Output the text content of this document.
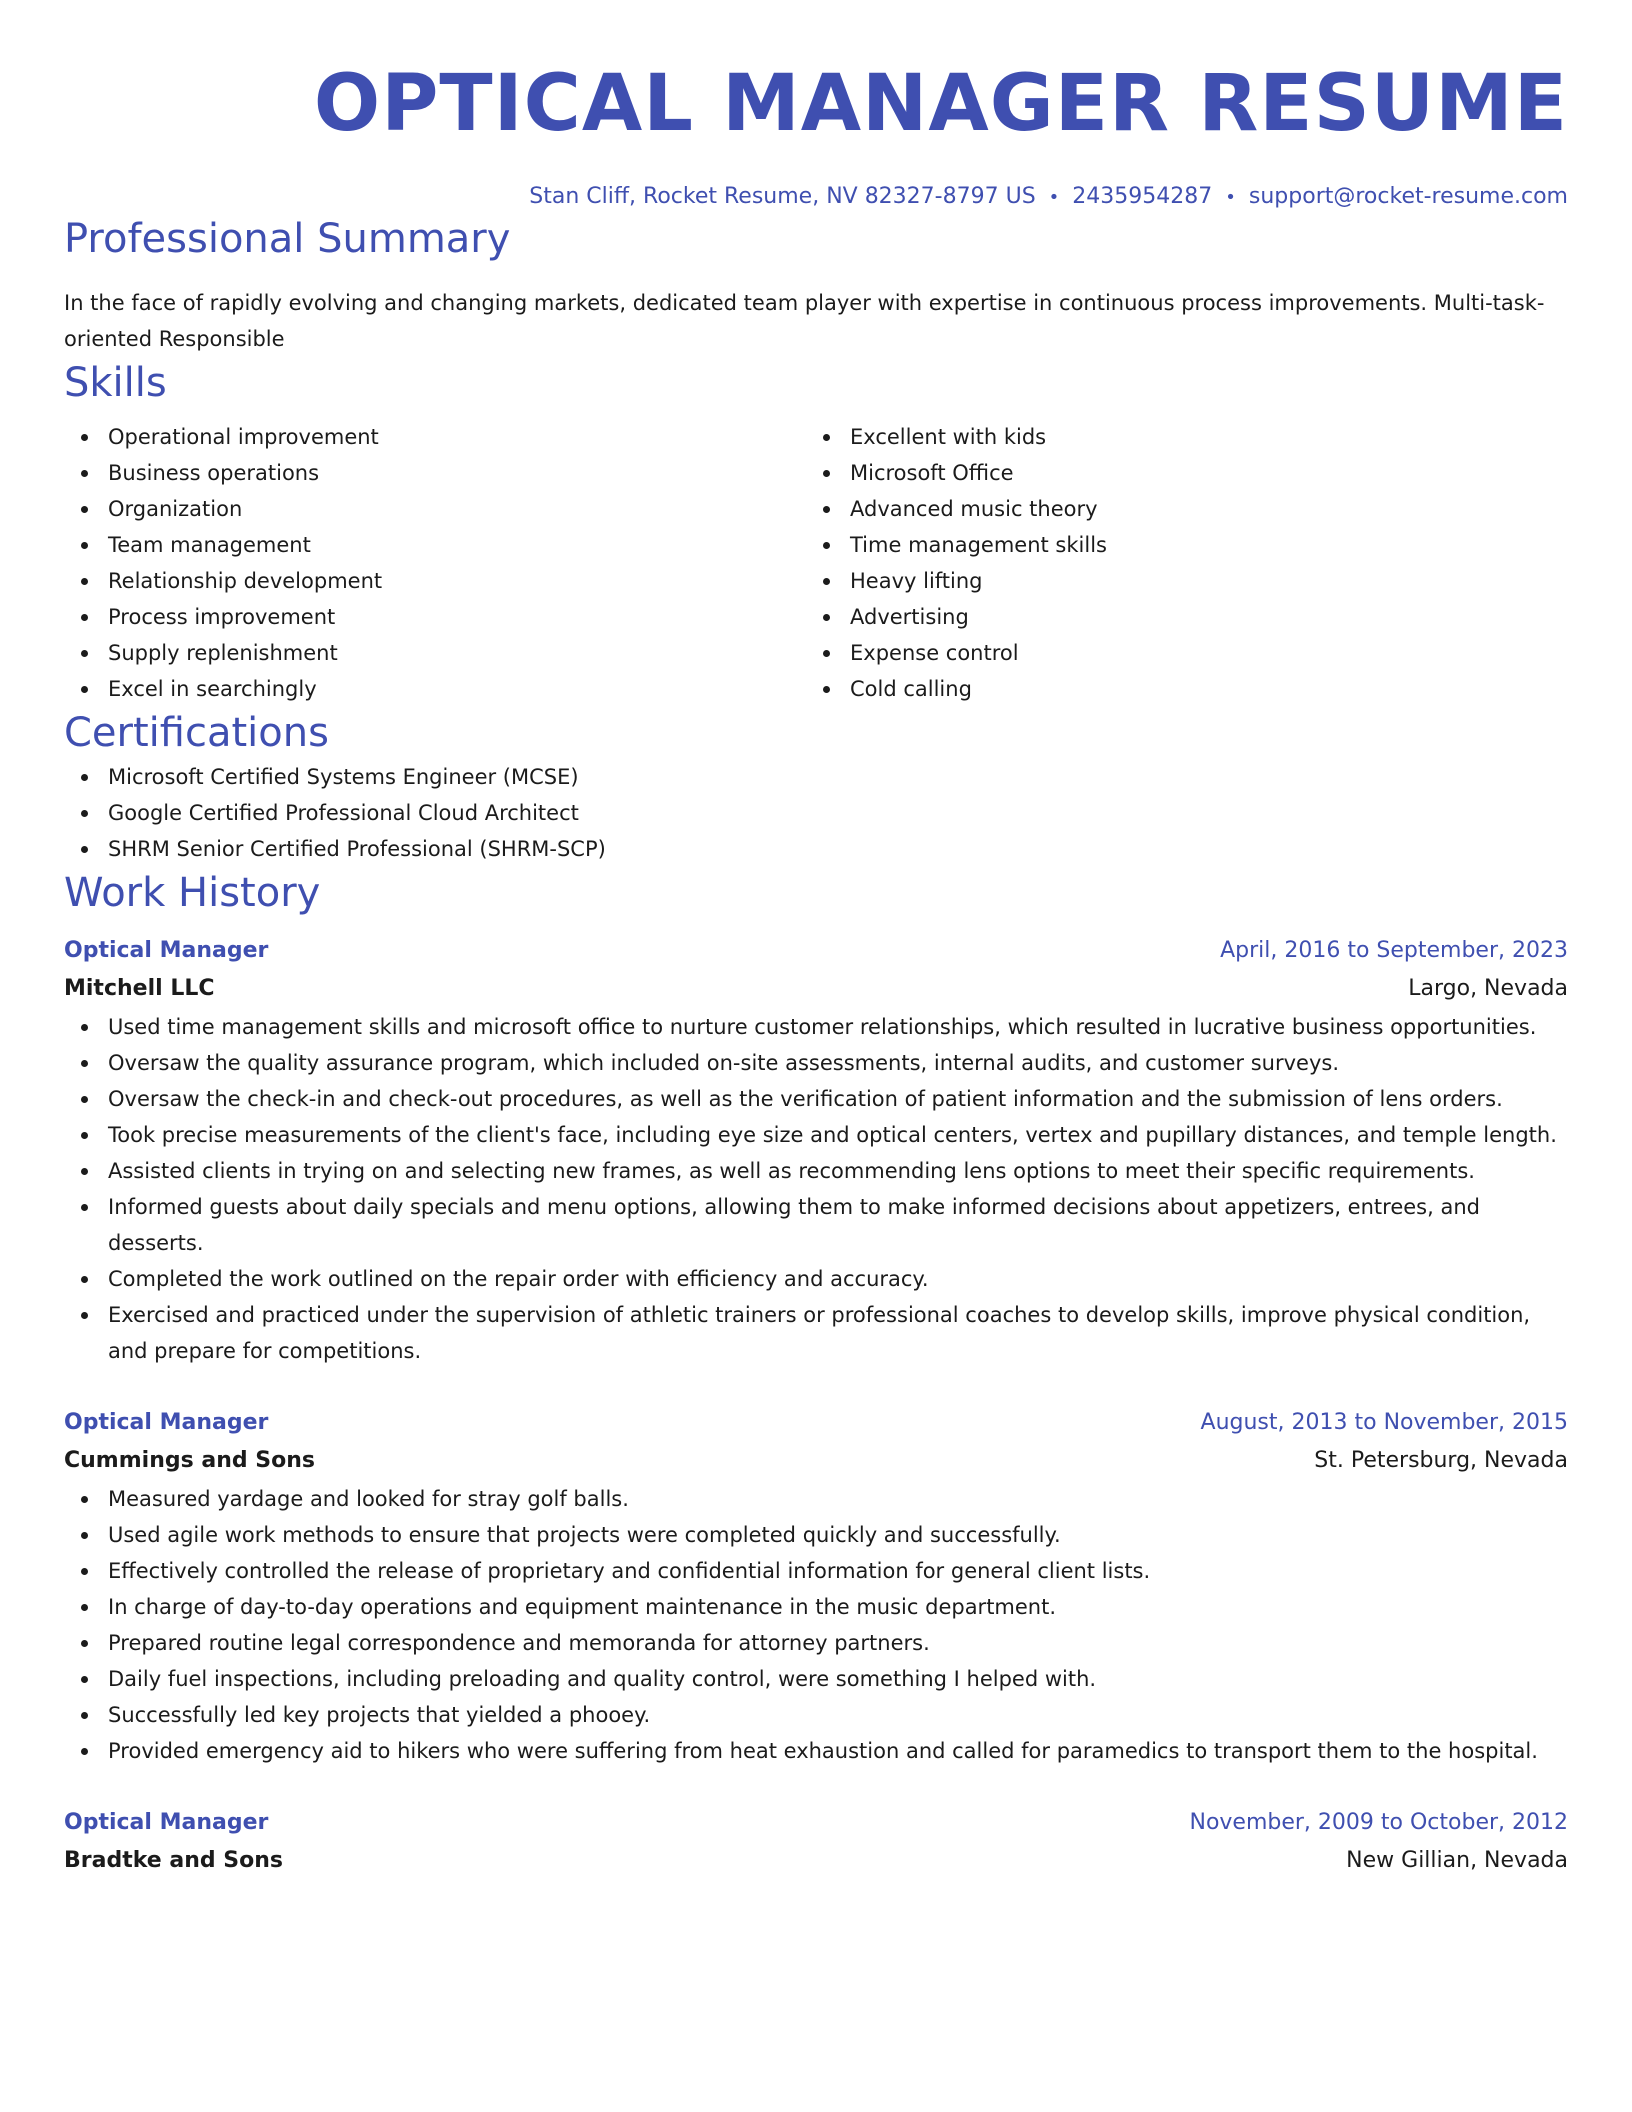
OPTICAL MANAGER RESUME
Stan Cliff, Rocket Resume, NV 82327-8797 US • 2435954287 • support@rocket-resume.com
Professional Summary
In the face of rapidly evolving and changing markets, dedicated team player with expertise in continuous process improvements. Multi-task-oriented Responsible
Skills
Operational improvement
Business operations
Organization
Team management
Relationship development
Process improvement
Supply replenishment
Excel in searchingly
Excellent with kids
Microsoft Office
Advanced music theory
Time management skills
Heavy lifting
Advertising
Expense control
Cold calling
Certifications
Microsoft Certified Systems Engineer (MCSE)
Google Certified Professional Cloud Architect
SHRM Senior Certified Professional (SHRM-SCP)
Work History
Optical Manager	April, 2016 to September, 2023
Mitchell LLC	Largo, Nevada
Used time management skills and microsoft office to nurture customer relationships, which resulted in lucrative business opportunities.
Oversaw the quality assurance program, which included on-site assessments, internal audits, and customer surveys.
Oversaw the check-in and check-out procedures, as well as the verification of patient information and the submission of lens orders.
Took precise measurements of the client's face, including eye size and optical centers, vertex and pupillary distances, and temple length.
Assisted clients in trying on and selecting new frames, as well as recommending lens options to meet their specific requirements.
Informed guests about daily specials and menu options, allowing them to make informed decisions about appetizers, entrees, and desserts.
Completed the work outlined on the repair order with efficiency and accuracy.
Exercised and practiced under the supervision of athletic trainers or professional coaches to develop skills, improve physical condition, and prepare for competitions.
Optical Manager	August, 2013 to November, 2015
Cummings and Sons	St. Petersburg, Nevada
Measured yardage and looked for stray golf balls.
Used agile work methods to ensure that projects were completed quickly and successfully.
Effectively controlled the release of proprietary and confidential information for general client lists.
In charge of day-to-day operations and equipment maintenance in the music department.
Prepared routine legal correspondence and memoranda for attorney partners.
Daily fuel inspections, including preloading and quality control, were something I helped with.
Successfully led key projects that yielded a phooey.
Provided emergency aid to hikers who were suffering from heat exhaustion and called for paramedics to transport them to the hospital.
Optical Manager	November, 2009 to October, 2012
Bradtke and Sons	New Gillian, Nevada
